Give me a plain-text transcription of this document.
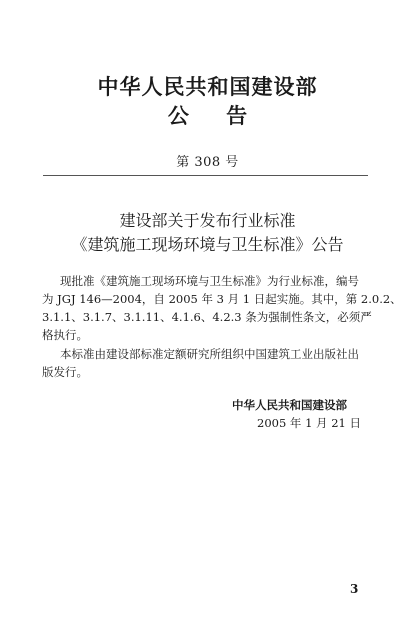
中华人民共和国建设部
公 告
第 308 号
建设部关于发布行业标准
《建筑施工现场环境与卫生标准》公告
现批准《建筑施工现场环境与卫生标准》为行业标准，编号
为 JGJ 146—2004，自 2005 年 3 月 1 日起实施。其中，第 2.0.2、
3.1.1、3.1.7、3.1.11、4.1.6、4.2.3 条为强制性条文，必须严
格执行。
本标准由建设部标准定额研究所组织中国建筑工业出版社出
版发行。
中华人民共和国建设部
2005 年 1 月 21 日
3
